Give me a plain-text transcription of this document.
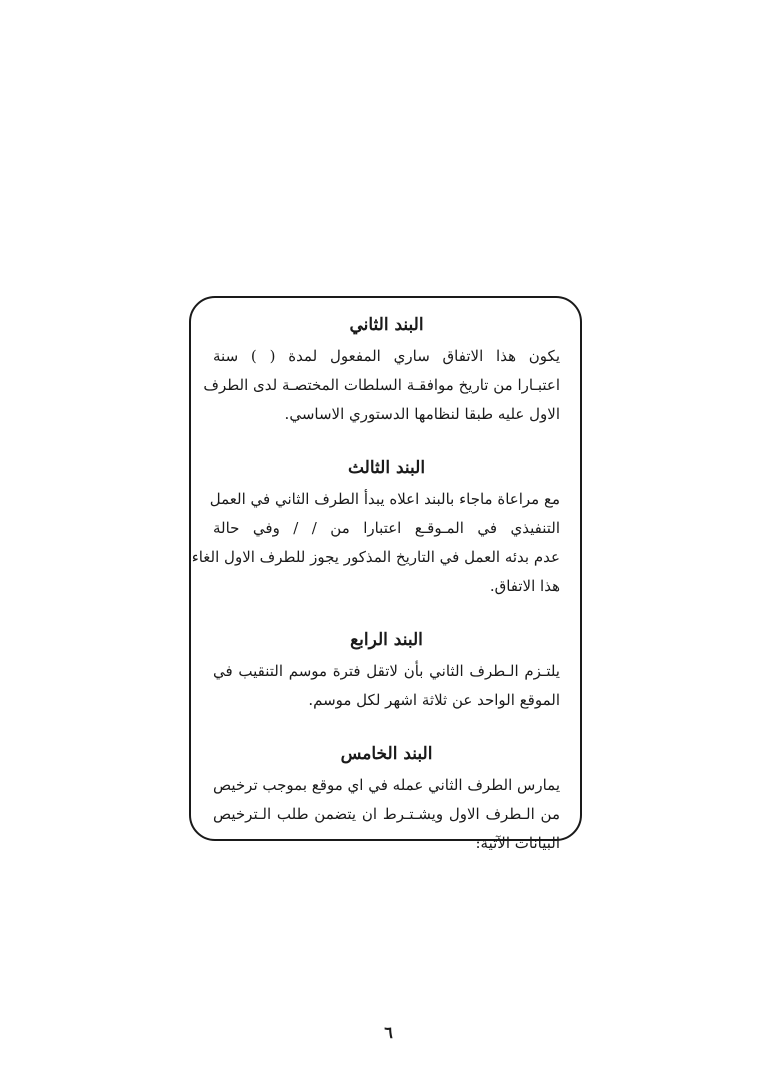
البند الثاني
يكون هذا الاتفاق ساري المفعول لمدة ( ) سنة
اعتبـارا من تاريخ موافقـة السلطات المختصـة لدى الطرف
الاول عليه طبقا لنظامها الدستوري الاساسي.
البند الثالث
مع مراعاة ماجاء بالبند اعلاه يبدأ الطرف الثاني في العمل
التنفيذي في المـوقـع اعتبارا من / / وفي حالة
عدم بدئه العمل في التاريخ المذكور يجوز للطرف الاول الغاء
هذا الاتفاق.
البند الرابع
يلتـزم الـطرف الثاني بأن لاتقل فترة موسم التنقيب في
الموقع الواحد عن ثلاثة اشهر لكل موسم.
البند الخامس
يمارس الطرف الثاني عمله في اي موقع بموجب ترخيص
من الـطرف الاول ويشـتـرط ان يتضمن طلب الـترخيص
البيانات الآتية:
٦
